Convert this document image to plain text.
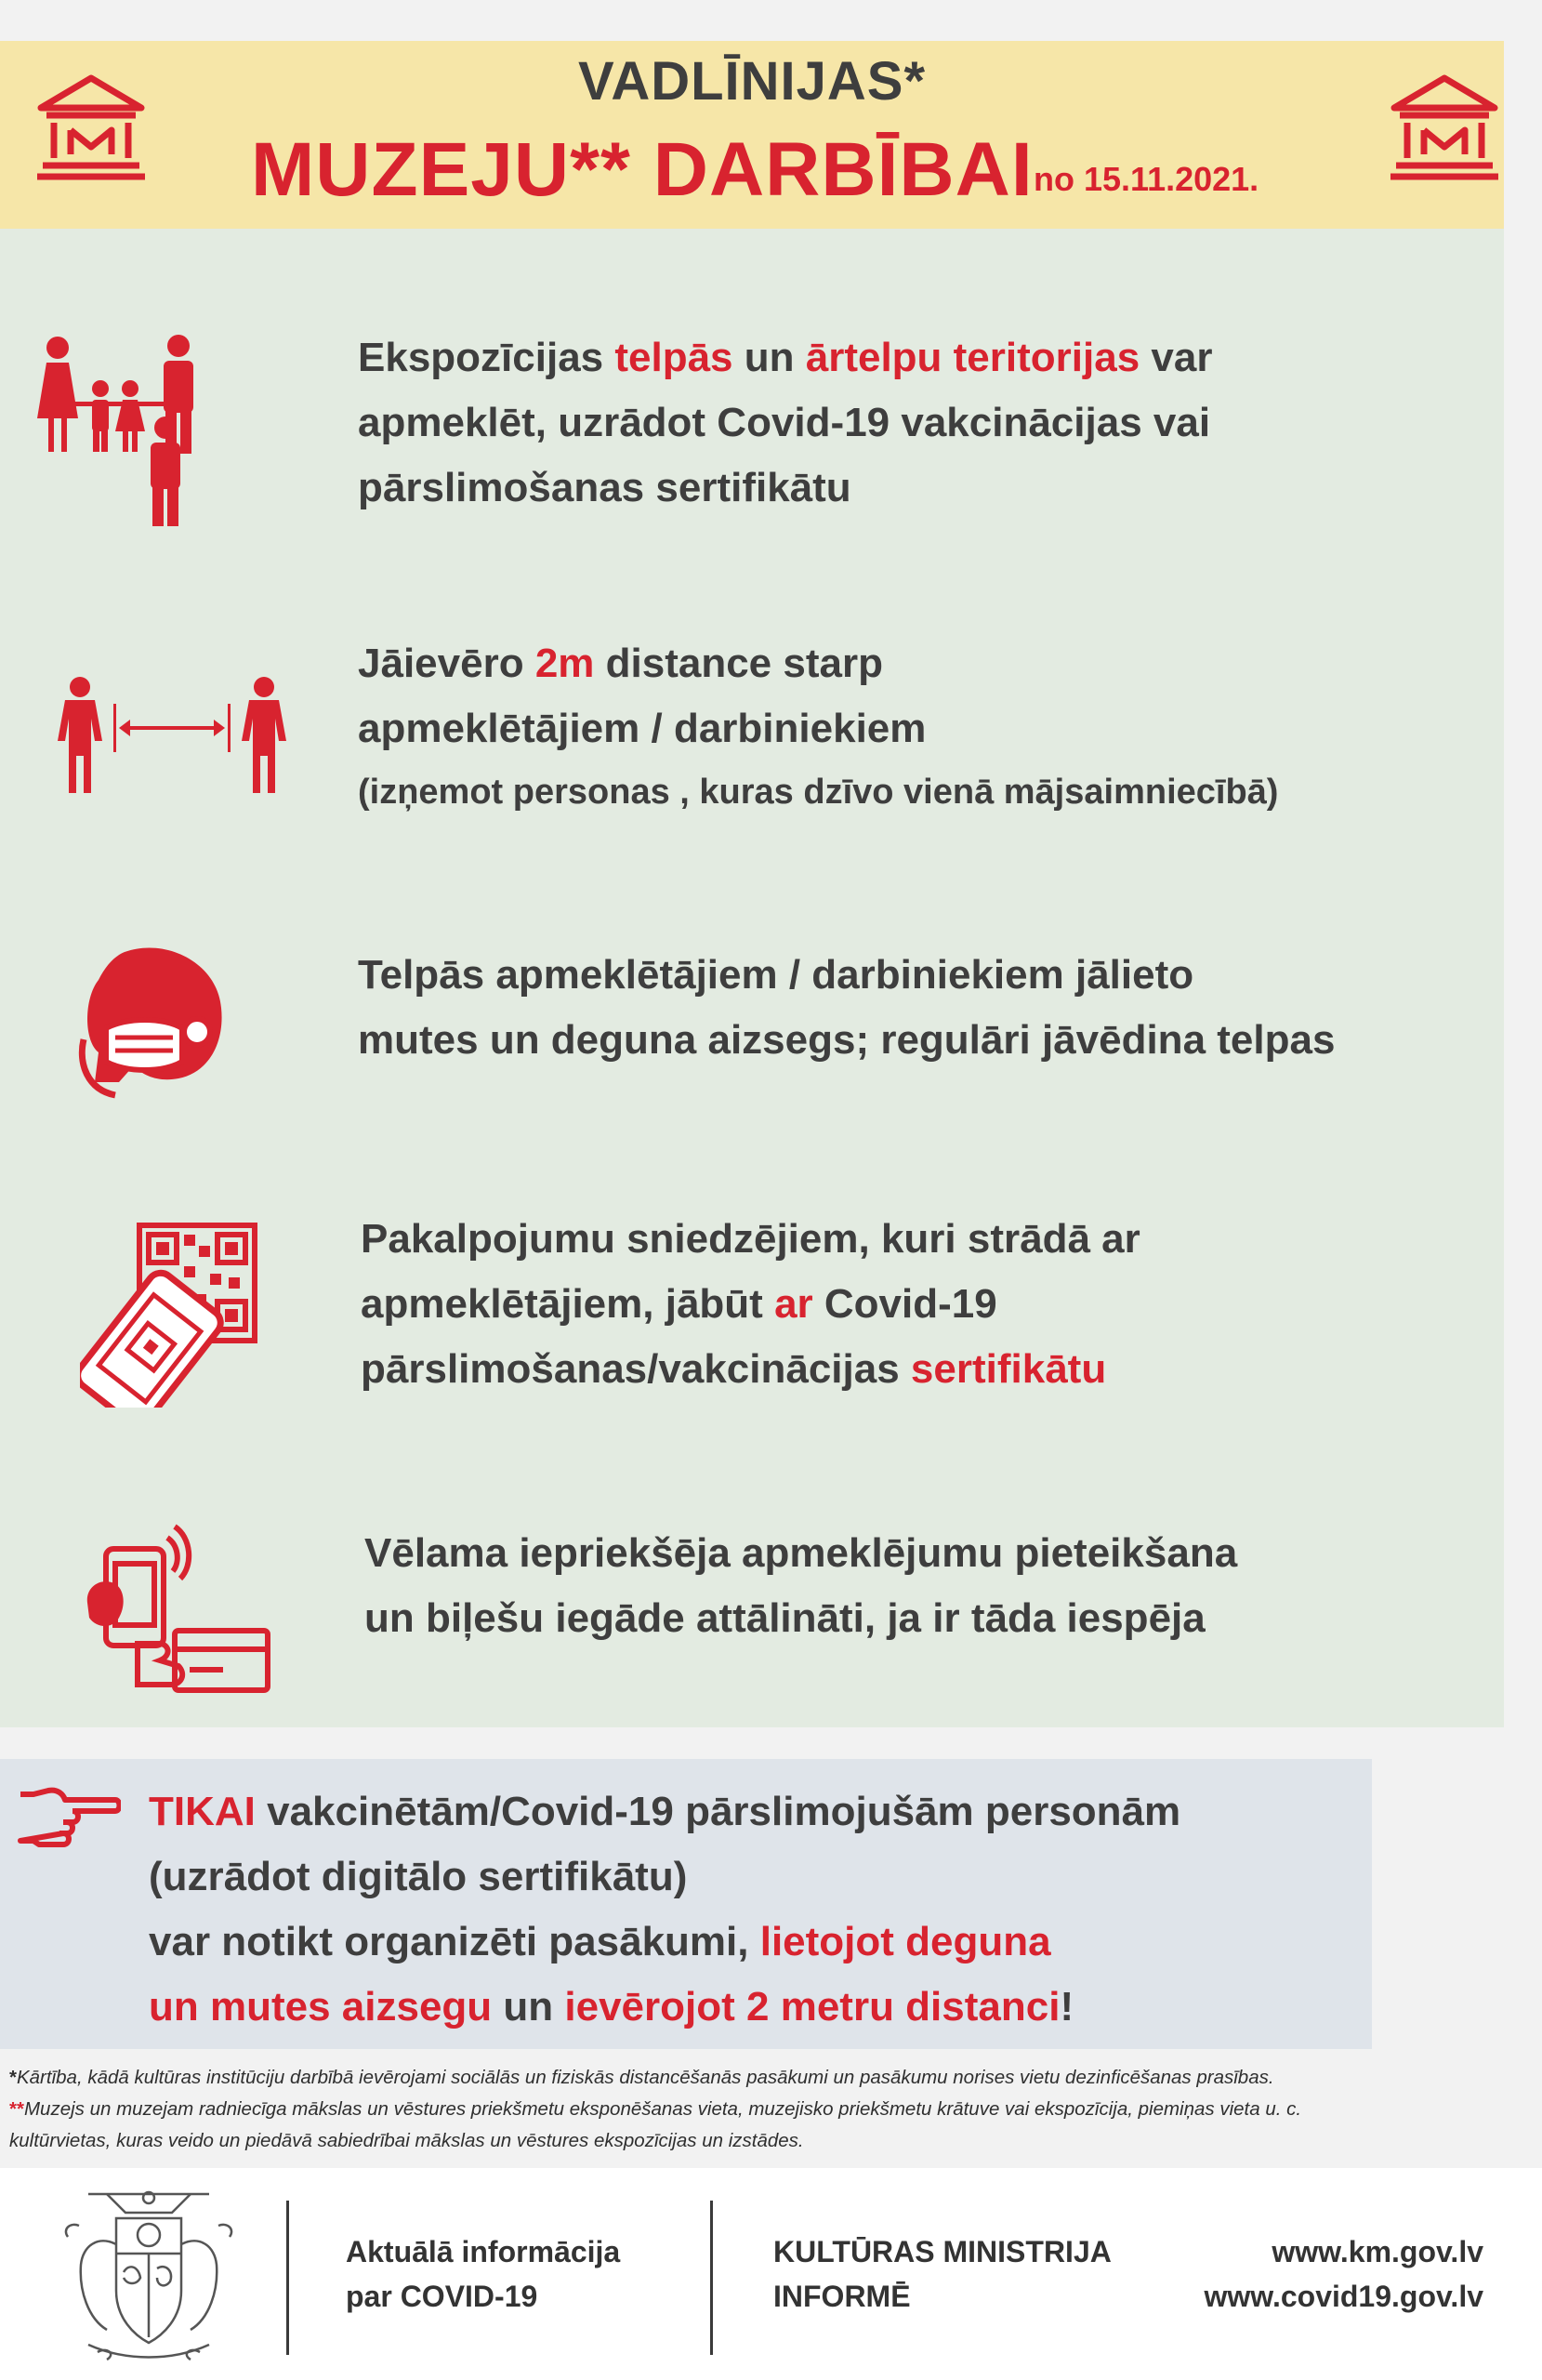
VADLĪNIJAS*
MUZEJU** DARBĪBAI no 15.11.2021.
Ekspozīcijas telpās un ārtelpu teritorijas var
apmeklēt, uzrādot Covid-19 vakcinācijas vai
pārslimošanas sertifikātu
Jāievēro 2m distance starp
apmeklētājiem / darbiniekiem
(izņemot personas , kuras dzīvo vienā mājsaimniecībā)
Telpās apmeklētājiem / darbiniekiem jālieto
mutes un deguna aizsegs; regulāri jāvēdina telpas
Pakalpojumu sniedzējiem, kuri strādā ar
apmeklētājiem, jābūt ar Covid-19
pārslimošanas/vakcinācijas sertifikātu
Vēlama iepriekšēja apmeklējumu pieteikšana
un biļešu iegāde attālināti, ja ir tāda iespēja
TIKAI vakcinētām/Covid-19 pārslimojušām personām
(uzrādot digitālo sertifikātu)
var notikt organizēti pasākumi, lietojot deguna
un mutes aizsegu un ievērojot 2 metru distanci!
*Kārtība, kādā kultūras institūciju darbībā ievērojami sociālās un fiziskās distancēšanās pasākumi un pasākumu norises vietu dezinficēšanas prasības.
**Muzejs un muzejam radniecīga mākslas un vēstures priekšmetu eksponēšanas vieta, muzejisko priekšmetu krātuve vai ekspozīcija, piemiņas vieta u. c.
kultūrvietas, kuras veido un piedāvā sabiedrībai mākslas un vēstures ekspozīcijas un izstādes.
Aktuālā informācija
par COVID-19
KULTŪRAS MINISTRIJA
INFORMĒ
www.km.gov.lv
www.covid19.gov.lv
